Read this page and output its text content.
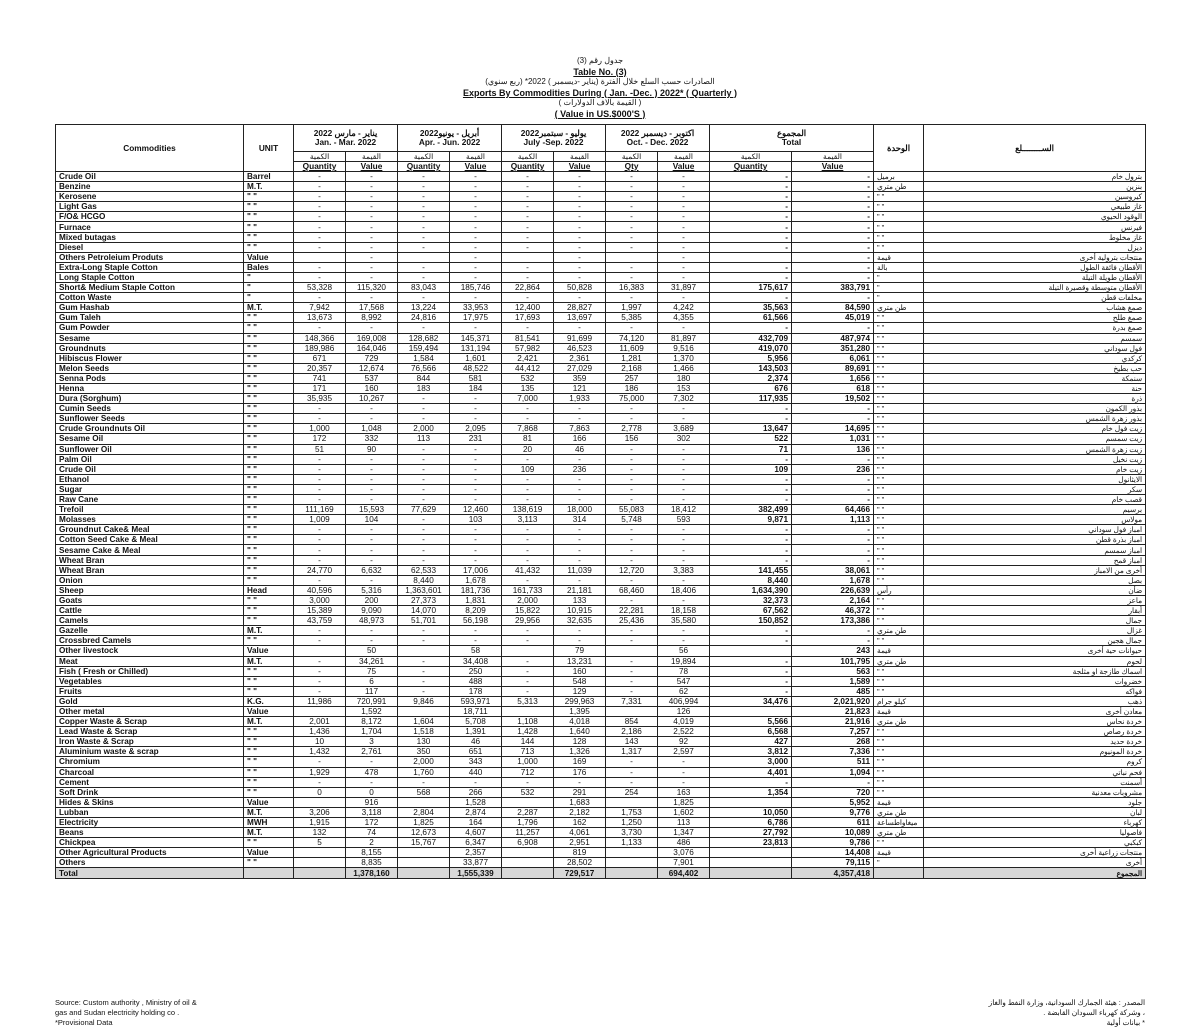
جدول رقم (3)
Table No. (3)
الصادرات حسب السلع خلال الفترة (يناير -ديسمبر ) 2022* (ربع سنوي)
Exports By Commodities During ( Jan. -Dec. ) 2022* ( Quarterly )
( القيمة بآلاف الدولارات )
( Value in US.$000'S )
Commodities	UNIT	يناير - مارس 2022
Jan. - Mar. 2022		أبريل - يونيو2022
Apr. - Jun. 2022		يوليو - سبتمبر2022
July -Sep. 2022		اكتوبر - ديسمبر 2022
Oct. - Dec. 2022		المجموع
Total		الوحدة	الســــــــلع
		الكمية	القيمة	الكمية	القيمة	الكمية	القيمة	الكمية	القيمة	الكمية	القيمة		
		Quantity	Value	Quantity	Value	Quantity	Value	Qty	Value	Quantity	Value		
Crude Oil	Barrel	-	-	-	-	-	-	-	-	-	-	برميل	بترول خام
Benzine	M.T.	-	-	-	-	-	-	-	-	-	-	طن متري	بنزين
Kerosene	" "	-	-	-	-	-	-	-	-	-	-	" "	كيروسين
Light Gas	" "	-	-	-	-	-	-	-	-	-	-	" "	غاز طبيعي
F/O& HCGO	" "	-	-	-	-	-	-	-	-	-	-	" "	الوقود الحيوي
Furnace	" "	-	-	-	-	-	-	-	-	-	-	" "	فيرنس
Mixed butagas	" "	-	-	-	-	-	-	-	-	-	-	" "	غاز مخلوط
Diesel	" "	-	-	-	-	-	-	-	-	-	-	" "	ديزل
Others Petroleium Produts	Value		-		-		-		-		-	قيمة	منتجات بترولية أخرى
Extra-Long Staple Cotton	Bales	-	-	-	-	-	-	-	-	-	-	بالة	الأقطان فائقة الطول
Long Staple Cotton	"	-	-	-	-	-	-	-	-	-	-	"	الأقطان طويلة التيلة
Short& Medium Staple Cotton	"	53,328	115,320	83,043	185,746	22,864	50,828	16,383	31,897	175,617	383,791	"	الأقطان متوسطة وقصيرة التيلة
Cotton Waste	"	-	-	-	-	-	-	-	-	-	-	"	مخلفات قطن
Gum Hashab	M.T.	7,942	17,568	13,224	33,953	12,400	28,827	1,997	4,242	35,563	84,590	طن متري	صمغ هشاب
Gum Taleh	" "	13,673	8,992	24,816	17,975	17,693	13,697	5,385	4,355	61,566	45,019	" "	صمغ طلح
Gum Powder	" "	-	-	-	-	-	-	-	-	-	-	" "	صمغ بدرة
Sesame	" "	148,366	169,008	128,682	145,371	81,541	91,699	74,120	81,897	432,709	487,974	" "	سمسم
Groundnuts	" "	189,986	164,046	159,494	131,194	57,982	46,523	11,609	9,516	419,070	351,280	" "	فول سوداني
Hibiscus Flower	" "	671	729	1,584	1,601	2,421	2,361	1,281	1,370	5,956	6,061	" "	كركدي
Melon Seeds	" "	20,357	12,674	76,566	48,522	44,412	27,029	2,168	1,466	143,503	89,691	" "	حب بطيخ
Senna Pods	" "	741	537	844	581	532	359	257	180	2,374	1,656	" "	سنمكة
Henna	" "	171	160	183	184	135	121	186	153	676	618	" "	حنة
Dura (Sorghum)	" "	35,935	10,267	-	-	7,000	1,933	75,000	7,302	117,935	19,502	" "	ذرة
Cumin Seeds	" "	-	-	-	-	-	-	-	-	-	-	" "	بذور الكمون
Sunflower Seeds	" "	-	-	-	-	-	-	-	-	-	-	" "	بذور زهرة الشمس
Crude Groundnuts Oil	" "	1,000	1,048	2,000	2,095	7,868	7,863	2,778	3,689	13,647	14,695	" "	زيت فول خام
Sesame Oil	" "	172	332	113	231	81	166	156	302	522	1,031	" "	زيت سمسم
Sunflower Oil	" "	51	90	-	-	20	46	-	-	71	136	" "	زيت زهرة الشمس
Palm Oil	" "	-	-	-	-	-	-	-	-	-	-	" "	زيت نخيل
Crude Oil	" "	-	-	-	-	109	236	-	-	109	236	" "	زيت خام
Ethanol	" "	-	-	-	-	-	-	-	-	-	-	" "	الايثانول
Sugar	" "	-	-	-	-	-	-	-	-	-	-	" "	سكر
Raw Cane	" "	-	-	-	-	-	-	-	-	-	-	" "	قصب خام
Trefoil	" "	111,169	15,593	77,629	12,460	138,619	18,000	55,083	18,412	382,499	64,466	" "	برسيم
Molasses	" "	1,009	104	-	103	3,113	314	5,748	593	9,871	1,113	" "	مولاس
Groundnut Cake& Meal	" "	-	-	-	-	-	-	-	-	-	-	" "	امباز فول سوداني
Cotton Seed Cake & Meal	" "	-	-	-	-	-	-	-	-	-	-	" "	امباز بذرة قطن
Sesame Cake & Meal	" "	-	-	-	-	-	-	-	-	-	-	" "	امباز سمسم
Wheat Bran	" "	-	-	-	-	-	-	-	-	-	-	" "	امباز قمح
Wheat Bran	" "	24,770	6,632	62,533	17,006	41,432	11,039	12,720	3,383	141,455	38,061	" "	أخرى من الامباز
Onion	" "	-	-	8,440	1,678	-	-	-	-	8,440	1,678	" "	بصل
Sheep	Head	40,596	5,316	1,363,601	181,736	161,733	21,181	68,460	18,406	1,634,390	226,639	رأس	ضأن
Goats	" "	3,000	200	27,373	1,831	2,000	133	-	-	32,373	2,164	" "	ماعز
Cattle	" "	15,389	9,090	14,070	8,209	15,822	10,915	22,281	18,158	67,562	46,372	" "	أبقار
Camels	" "	43,759	48,973	51,701	56,198	29,956	32,635	25,436	35,580	150,852	173,386	" "	جمال
Gazelle	M.T.	-	-	-	-	-	-	-	-	-	-	طن متري	غزال
Crossbred Camels	" "	-	-	-	-	-	-	-	-	-	-	" "	جمال هجين
Other livestock	Value		50		58		79		56		243	قيمة	حيوانات حية أخرى
Meat	M.T.	-	34,261	-	34,408	-	13,231	-	19,894	-	101,795	طن متري	لحوم
Fish ( Fresh or Chilled)	" "	-	75	-	250	-	160	-	78	-	563	" "	اسماك طازجة او مثلجة
Vegetables	" "	-	6	-	488	-	548	-	547	-	1,589	" "	خضروات
Fruits	" "	-	117	-	178	-	129	-	62	-	485	" "	فواكه
Gold	K.G.	11,986	720,991	9,846	593,971	5,313	299,963	7,331	406,994	34,476	2,021,920	كيلو جرام	ذهب
Other metal	Value		1,592		18,711		1,395		126		21,823	قيمة	معادن أخرى
Copper Waste & Scrap	M.T.	2,001	8,172	1,604	5,708	1,108	4,018	854	4,019	5,566	21,916	طن متري	خردة نحاس
Lead Waste & Scrap	" "	1,436	1,704	1,518	1,391	1,428	1,640	2,186	2,522	6,568	7,257	" "	خردة رصاص
Iron Waste & Scrap	" "	10	3	130	46	144	128	143	92	427	268	" "	خردة حديد
Aluminium waste & scrap	" "	1,432	2,761	350	651	713	1,326	1,317	2,597	3,812	7,336	" "	خردة المونيوم
Chromium	" "	-	-	2,000	343	1,000	169	-	-	3,000	511	" "	كروم
Charcoal	" "	1,929	478	1,760	440	712	176	-	-	4,401	1,094	" "	فحم نباتي
Cement	" "	-	-	-	-	-	-	-	-	-	-	" "	أسمنت
Soft Drink	" "	0	0	568	266	532	291	254	163	1,354	720	" "	مشروبات معدنية
Hides & Skins	Value		916		1,528		1,683		1,825		5,952	قيمة	جلود
Lubban	M.T.	3,206	3,118	2,804	2,874	2,287	2,182	1,753	1,602	10,050	9,776	طن متري	لبان
Electricity	MWH	1,915	172	1,825	164	1,796	162	1,250	113	6,786	611	ميغاواطساعة	كهرباء
Beans	M.T.	132	74	12,673	4,607	11,257	4,061	3,730	1,347	27,792	10,089	طن متري	فاصوليا
Chickpea	" "	5	2	15,767	6,347	6,908	2,951	1,133	486	23,813	9,786	" "	كبكبي
Other Agricultural Products	Value		8,155		2,357		819		3,076		14,408	قيمة	منتجات زراعية أخرى
Others	" "		8,835		33,877		28,502		7,901		79,115	"	أخرى
Total			1,378,160		1,555,339		729,517		694,402		4,357,418		المجموع
Source: Custom authority , Ministry of oil &
gas and Sudan electricity holding co .
*Provisional Data
المصدر : هيئة الجمارك السودانية، وزارة النفط والغاز
، وشركة كهرباء السودان القابضة .
* بيانات أولية
